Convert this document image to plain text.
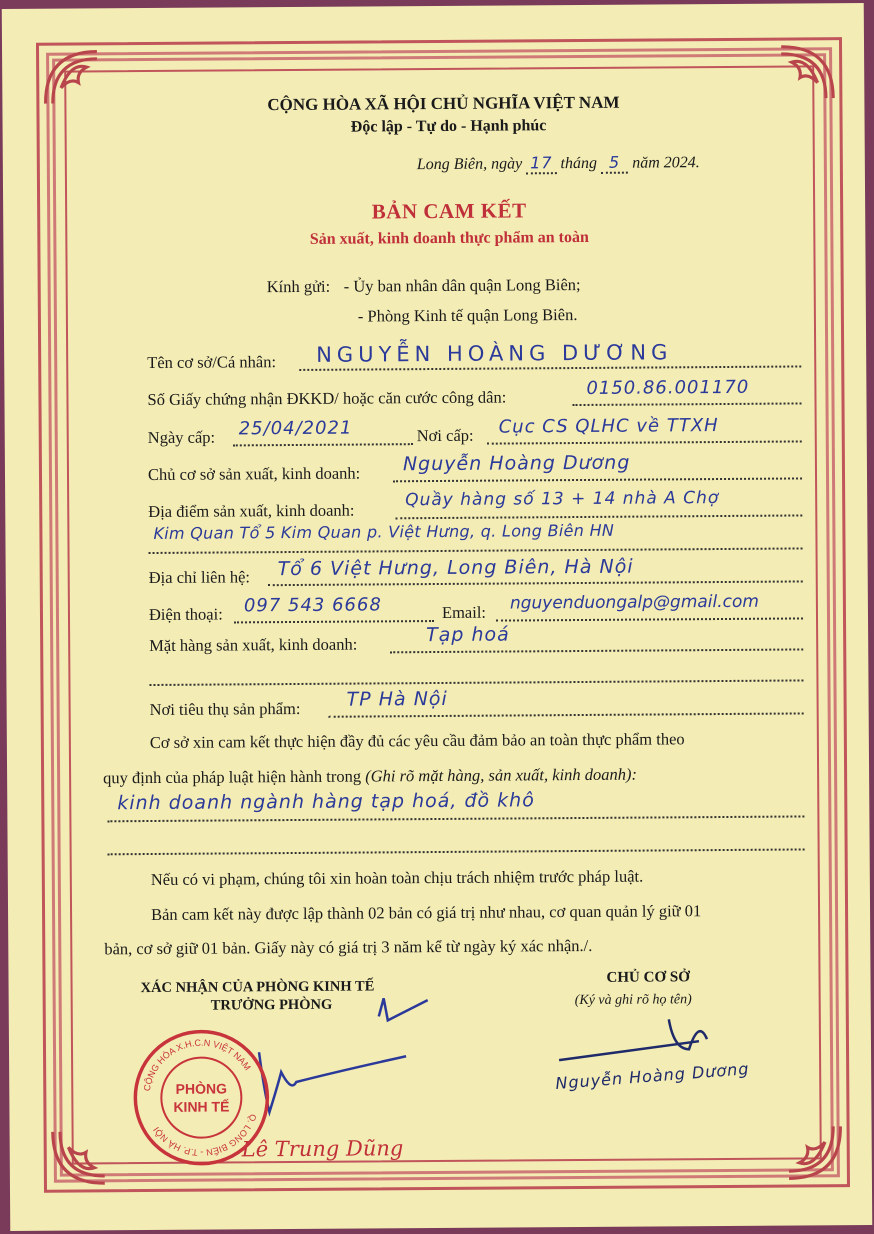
CỘNG HÒA XÃ HỘI CHỦ NGHĨA VIỆT NAM
Độc lập - Tự do - Hạnh phúc
Long Biên, ngày 17 tháng 5 năm 2024.
BẢN CAM KẾT
Sản xuất, kinh doanh thực phẩm an toàn
Kính gửi: - Ủy ban nhân dân quận Long Biên;
- Phòng Kinh tế quận Long Biên.
Tên cơ sở/Cá nhân: NGUYỄN HOÀNG DƯƠNG
Số Giấy chứng nhận ĐKKD/ hoặc căn cước công dân:	0150.86.001170
Ngày cấp: 25/04/2021	Nơi cấp: Cục CS QLHC về TTXH
Chủ cơ sở sản xuất, kinh doanh: Nguyễn Hoàng Dương
Địa điểm sản xuất, kinh doanh:
Quầy hàng số 13 + 14 nhà A Chợ
Kim Quan Tổ 5 Kim Quan p. Việt Hưng, q. Long Biên HN
Địa chỉ liên hệ: Tổ 6 Việt Hưng, Long Biên, Hà Nội
Điện thoại: 097 543 6668	Email: nguyenduongalp@gmail.com
Mặt hàng sản xuất, kinh doanh:	Tạp hoá
Nơi tiêu thụ sản phẩm: TP Hà Nội
Cơ sở xin cam kết thực hiện đầy đủ các yêu cầu đảm bảo an toàn thực phẩm theo
quy định của pháp luật hiện hành trong (Ghi rõ mặt hàng, sản xuất, kinh doanh):
kinh doanh ngành hàng tạp hoá, đồ khô
Nếu có vi phạm, chúng tôi xin hoàn toàn chịu trách nhiệm trước pháp luật.
Bản cam kết này được lập thành 02 bản có giá trị như nhau, cơ quan quản lý giữ 01
bản, cơ sở giữ 01 bản. Giấy này có giá trị 3 năm kể từ ngày ký xác nhận./.
XÁC NHẬN CỦA PHÒNG KINH TẾ
TRƯỞNG PHÒNG
CHỦ CƠ SỞ
(Ký và ghi rõ họ tên)
Nguyễn Hoàng Dương
Lê Trung Dũng
CỘNG HÒA X.H.C.N VIỆT NAM
Q. LONG BIÊN - T.P. HÀ NỘI
PHÒNG
KINH TẾ
